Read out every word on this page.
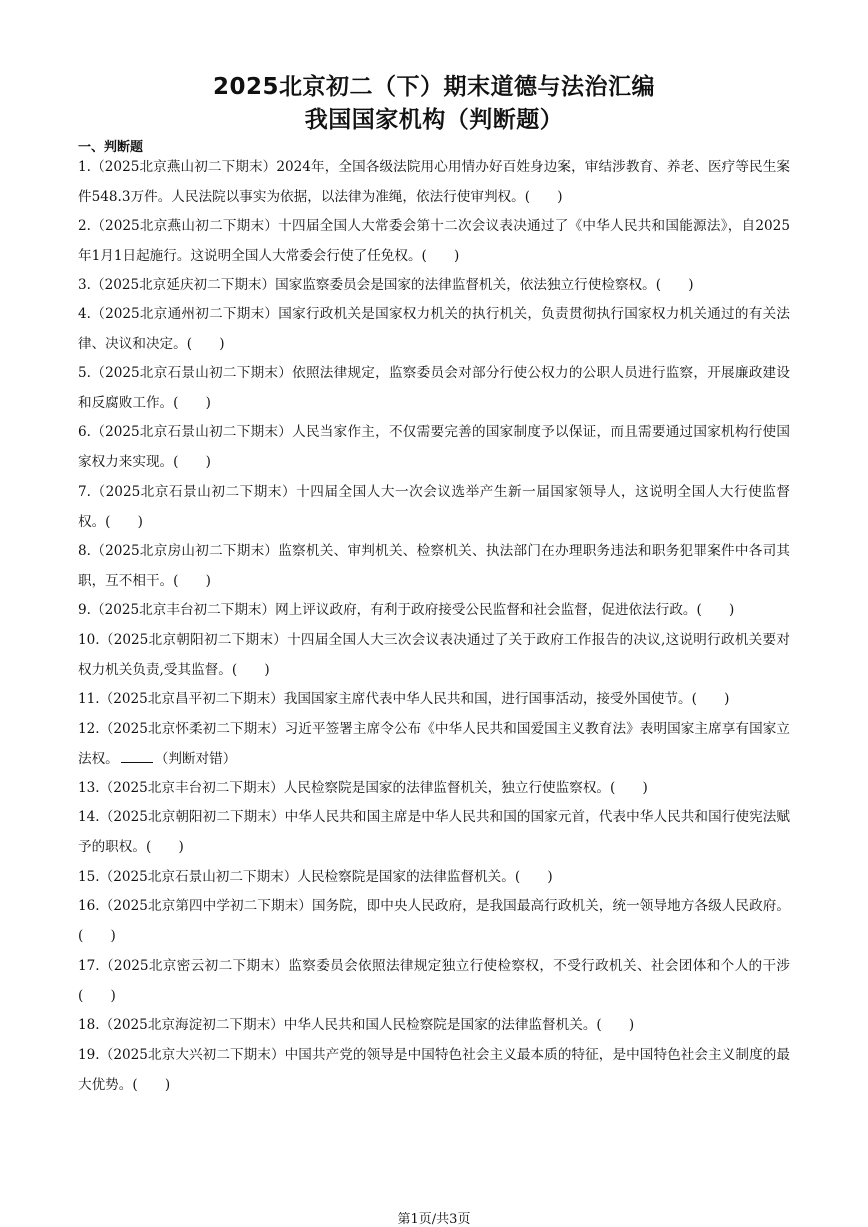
2025北京初二（下）期末道德与法治汇编
我国国家机构（判断题）
一、判断题

1.（2025北京燕山初二下期末）2024年，全国各级法院用心用情办好百姓身边案，审结涉教育、养老、医疗等民生案件548.3万件。人民法院以事实为依据，以法律为准绳，依法行使审判权。(　　)

2.（2025北京燕山初二下期末）十四届全国人大常委会第十二次会议表决通过了《中华人民共和国能源法》，自2025年1月1日起施行。这说明全国人大常委会行使了任免权。(　　)

3.（2025北京延庆初二下期末）国家监察委员会是国家的法律监督机关，依法独立行使检察权。(　　)

4.（2025北京通州初二下期末）国家行政机关是国家权力机关的执行机关，负责贯彻执行国家权力机关通过的有关法律、决议和决定。(　　)

5.（2025北京石景山初二下期末）依照法律规定，监察委员会对部分行使公权力的公职人员进行监察，开展廉政建设和反腐败工作。(　　)

6.（2025北京石景山初二下期末）人民当家作主，不仅需要完善的国家制度予以保证，而且需要通过国家机构行使国家权力来实现。(　　)

7.（2025北京石景山初二下期末）十四届全国人大一次会议选举产生新一届国家领导人，这说明全国人大行使监督权。(　　)

8.（2025北京房山初二下期末）监察机关、审判机关、检察机关、执法部门在办理职务违法和职务犯罪案件中各司其职，互不相干。(　　)

9.（2025北京丰台初二下期末）网上评议政府，有利于政府接受公民监督和社会监督，促进依法行政。(　　)

10.（2025北京朝阳初二下期末）十四届全国人大三次会议表决通过了关于政府工作报告的决议,这说明行政机关要对权力机关负责,受其监督。(　　)

11.（2025北京昌平初二下期末）我国国家主席代表中华人民共和国，进行国事活动，接受外国使节。(　　)

12.（2025北京怀柔初二下期末）习近平签署主席令公布《中华人民共和国爱国主义教育法》表明国家主席享有国家立法权。	（判断对错）

13.（2025北京丰台初二下期末）人民检察院是国家的法律监督机关，独立行使监察权。(　　)

14.（2025北京朝阳初二下期末）中华人民共和国主席是中华人民共和国的国家元首，代表中华人民共和国行使宪法赋予的职权。(　　)

15.（2025北京石景山初二下期末）人民检察院是国家的法律监督机关。(　　)

16.（2025北京第四中学初二下期末）国务院，即中央人民政府，是我国最高行政机关，统一领导地方各级人民政府。(　　)

17.（2025北京密云初二下期末）监察委员会依照法律规定独立行使检察权，不受行政机关、社会团体和个人的干涉(　　)

18.（2025北京海淀初二下期末）中华人民共和国人民检察院是国家的法律监督机关。(　　)

19.（2025北京大兴初二下期末）中国共产党的领导是中国特色社会主义最本质的特征，是中国特色社会主义制度的最大优势。(　　)

第1页/共3页
